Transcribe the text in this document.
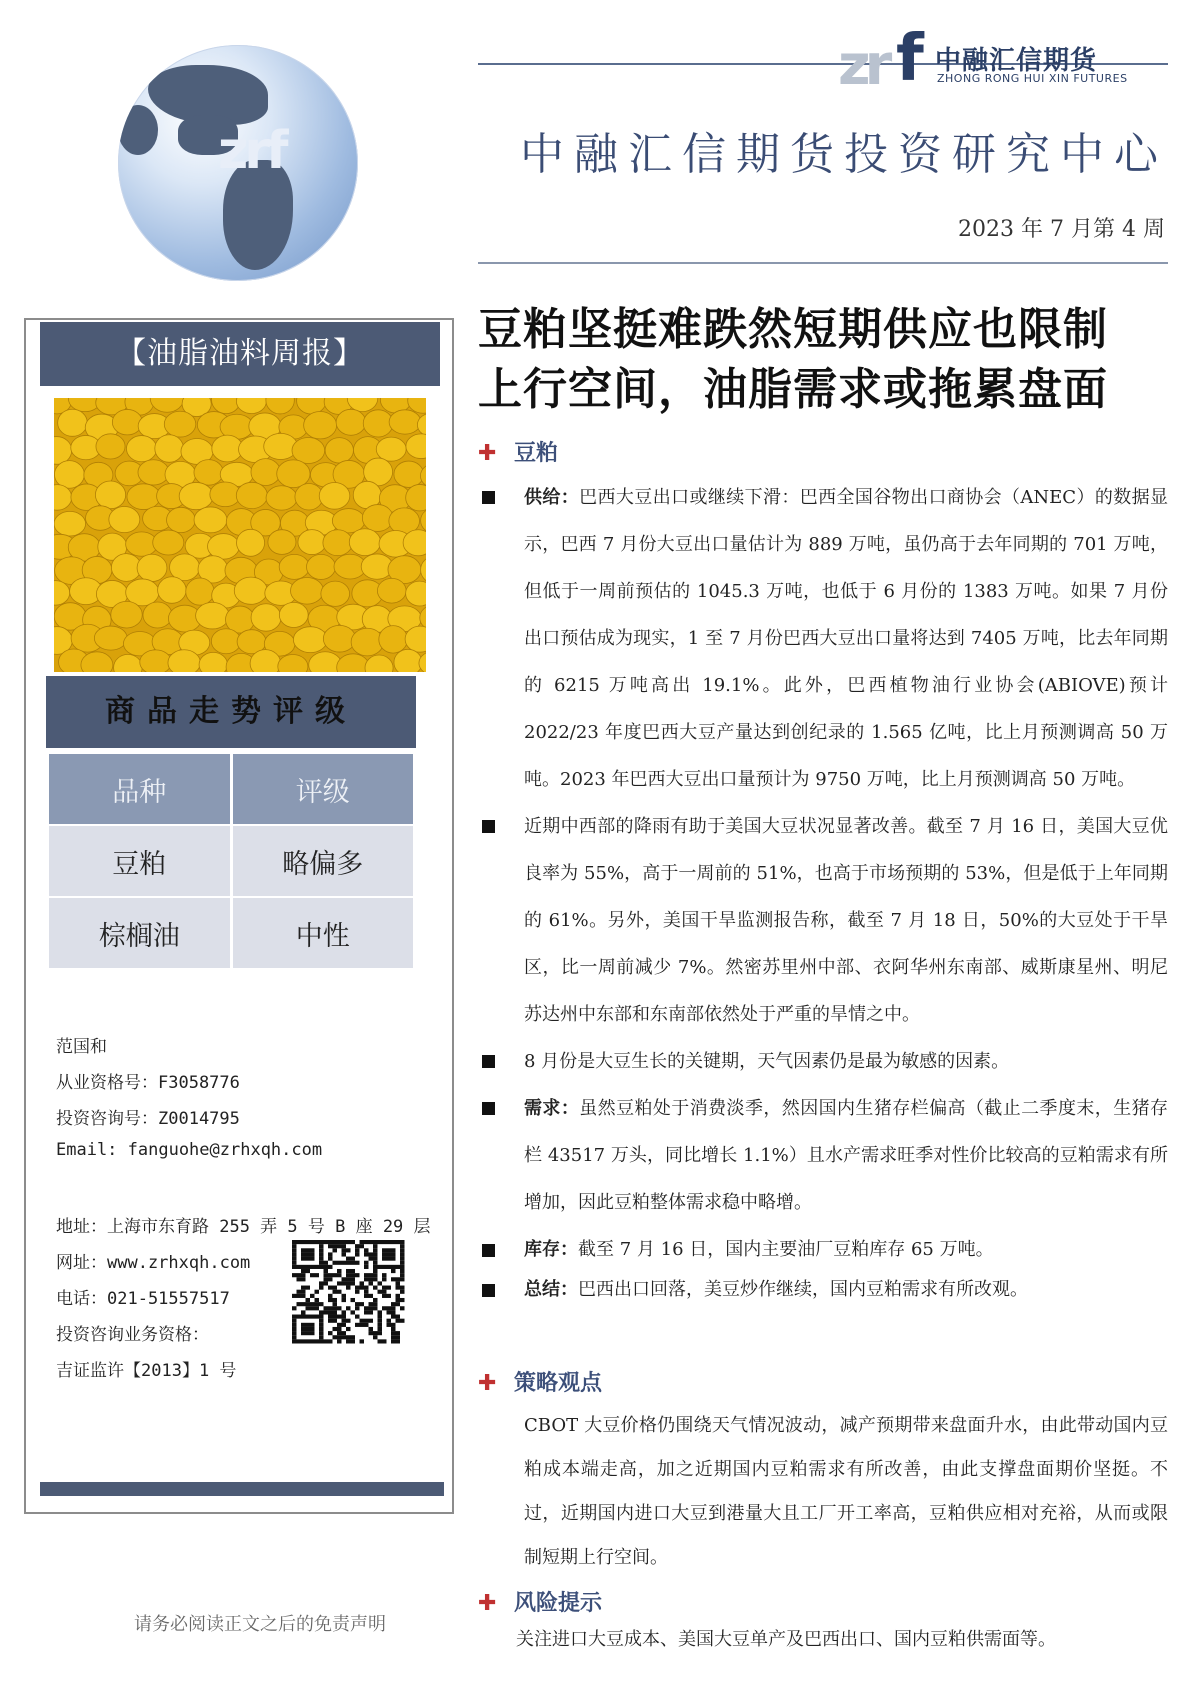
zrf
zr f 中融汇信期货
ZHONG RONG HUI XIN FUTURES
中融汇信期货投资研究中心
2023 年 7 月第 4 周
【油脂油料周报】
商品走势评级
品种	评级
豆粕	略偏多
棕榈油	中性
范国和
从业资格号：F3058776
投资咨询号：Z0014795
Email: fanguohe@zrhxqh.com
地址：上海市东育路 255 弄 5 号 B 座 29 层
网址：www.zrhxqh.com
电话：021-51557517
投资咨询业务资格：
吉证监许【2013】1 号
请务必阅读正文之后的免责声明
豆粕坚挺难跌然短期供应也限制
上行空间，油脂需求或拖累盘面
✚ 豆粕
供给：巴西大豆出口或继续下滑：巴西全国谷物出口商协会（ANEC）的数据显示，巴西 7 月份大豆出口量估计为 889 万吨，虽仍高于去年同期的 701 万吨，但低于一周前预估的 1045.3 万吨，也低于 6 月份的 1383 万吨。如果 7 月份出口预估成为现实，1 至 7 月份巴西大豆出口量将达到 7405 万吨，比去年同期的 6215 万吨高出 19.1%。此外，巴西植物油行业协会(ABIOVE)预计 2022/23 年度巴西大豆产量达到创纪录的 1.565 亿吨，比上月预测调高 50 万吨。2023 年巴西大豆出口量预计为 9750 万吨，比上月预测调高 50 万吨。
近期中西部的降雨有助于美国大豆状况显著改善。截至 7 月 16 日，美国大豆优良率为 55%，高于一周前的 51%，也高于市场预期的 53%，但是低于上年同期的 61%。另外，美国干旱监测报告称，截至 7 月 18 日，50%的大豆处于干旱区，比一周前减少 7%。然密苏里州中部、衣阿华州东南部、威斯康星州、明尼苏达州中东部和东南部依然处于严重的旱情之中。
8 月份是大豆生长的关键期，天气因素仍是最为敏感的因素。
需求：虽然豆粕处于消费淡季，然因国内生猪存栏偏高（截止二季度末，生猪存栏 43517 万头，同比增长 1.1%）且水产需求旺季对性价比较高的豆粕需求有所增加，因此豆粕整体需求稳中略增。
库存：截至 7 月 16 日，国内主要油厂豆粕库存 65 万吨。
总结：巴西出口回落，美豆炒作继续，国内豆粕需求有所改观。
✚ 策略观点
CBOT 大豆价格仍围绕天气情况波动，减产预期带来盘面升水，由此带动国内豆粕成本端走高，加之近期国内豆粕需求有所改善，由此支撑盘面期价坚挺。不过，近期国内进口大豆到港量大且工厂开工率高，豆粕供应相对充裕，从而或限制短期上行空间。
✚ 风险提示
关注进口大豆成本、美国大豆单产及巴西出口、国内豆粕供需面等。
